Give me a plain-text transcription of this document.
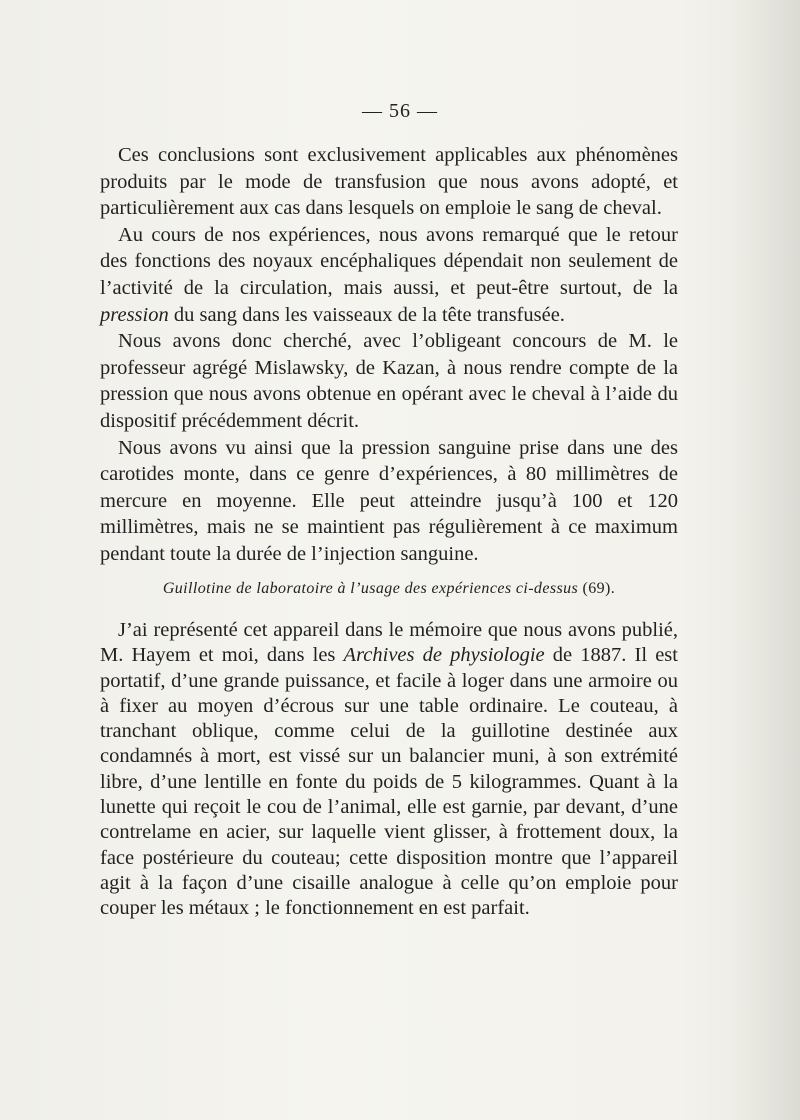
— 56 —

Ces conclusions sont exclusivement applicables aux phénomènes produits par le mode de transfusion que nous avons adopté, et particulièrement aux cas dans lesquels on emploie le sang de cheval.

Au cours de nos expériences, nous avons remarqué que le retour des fonctions des noyaux encéphaliques dépendait non seulement de l’activité de la circulation, mais aussi, et peut-être surtout, de la pression du sang dans les vaisseaux de la tête transfusée.

Nous avons donc cherché, avec l’obligeant concours de M. le professeur agrégé Mislawsky, de Kazan, à nous rendre compte de la pression que nous avons obtenue en opérant avec le cheval à l’aide du dispositif précédemment décrit.

Nous avons vu ainsi que la pression sanguine prise dans une des carotides monte, dans ce genre d’expériences, à 80 millimètres de mercure en moyenne. Elle peut atteindre jusqu’à 100 et 120 millimètres, mais ne se maintient pas régulièrement à ce maximum pendant toute la durée de l’injection sanguine.

Guillotine de laboratoire à l’usage des expériences ci-dessus (69).

J’ai représenté cet appareil dans le mémoire que nous avons publié, M. Hayem et moi, dans les Archives de physiologie de 1887. Il est portatif, d’une grande puissance, et facile à loger dans une armoire ou à fixer au moyen d’écrous sur une table ordinaire. Le couteau, à tranchant oblique, comme celui de la guillotine destinée aux condamnés à mort, est vissé sur un balancier muni, à son extrémité libre, d’une lentille en fonte du poids de 5 kilogrammes. Quant à la lunette qui reçoit le cou de l’animal, elle est garnie, par devant, d’une contrelame en acier, sur laquelle vient glisser, à frottement doux, la face postérieure du couteau; cette disposition montre que l’appareil agit à la façon d’une cisaille analogue à celle qu’on emploie pour couper les métaux ; le fonctionnement en est parfait.
